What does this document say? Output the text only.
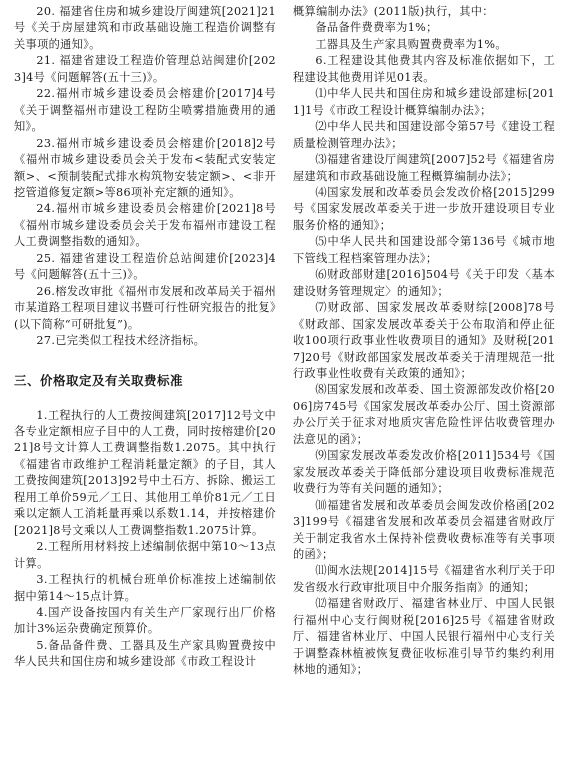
20. 福建省住房和城乡建设厅闽建筑[2021]21号《关于房屋建筑和市政基础设施工程造价调整有关事项的通知》。

21. 福建省建设工程造价管理总站闽建价[2023]4号《问题解答(五十三)》。

22.福州市城乡建设委员会榕建价[2017]4号《关于调整福州市建设工程防尘喷雾措施费用的通知》。

23.福州市城乡建设委员会榕建价[2018]2号《福州市城乡建设委员会关于发布<装配式安装定额>、<预制装配式排水构筑物安装定额>、<非开挖管道修复定额>等86项补充定额的通知》。

24.福州市城乡建设委员会榕建价[2021]8号《福州市城乡建设委员会关于发布福州市建设工程人工费调整指数的通知》。

25. 福建省建设工程造价总站闽建价[2023]4号《问题解答(五十三)》。

26.榕发改审批《福州市发展和改革局关于福州市某道路工程项目建议书暨可行性研究报告的批复》(以下简称“可研批复”)。

27.已完类似工程技术经济指标。

三、价格取定及有关取费标准

1.工程执行的人工费按闽建筑[2017]12号文中各专业定额相应子目中的人工费，同时按榕建价[2021]8号文计算人工费调整指数1.2075。其中执行《福建省市政维护工程消耗量定额》的子目，其人工费按闽建筑[2013]92号中土石方、拆除、搬运工程用工单价59元／工日、其他用工单价81元／工日乘以定额人工消耗量再乘以系数1.14，并按榕建价[2021]8号文乘以人工费调整指数1.2075计算。

2.工程所用材料按上述编制依据中第10～13点计算。

3.工程执行的机械台班单价标准按上述编制依据中第14～15点计算。

4.国产设备按国内有关生产厂家现行出厂价格加计3%运杂费确定预算价。

5.备品备件费、工器具及生产家具购置费按中华人民共和国住房和城乡建设部《市政工程设计

概算编制办法》(2011版)执行，其中：

备品备件费费率为1%；

工器具及生产家具购置费费率为1%。

6.工程建设其他费其内容及标准依据如下，工程建设其他费用详见01表。

⑴中华人民共和国住房和城乡建设部建标[2011]1号《市政工程设计概算编制办法》；

⑵中华人民共和国建设部令第57号《建设工程质量检测管理办法》；

⑶福建省建设厅闽建筑[2007]52号《福建省房屋建筑和市政基础设施工程概算编制办法》；

⑷国家发展和改革委员会发改价格[2015]299号《国家发展改革委关于进一步放开建设项目专业服务价格的通知》；

⑸中华人民共和国建设部令第136号《城市地下管线工程档案管理办法》；

⑹财政部财建[2016]504号《关于印发〈基本建设财务管理规定〉的通知》；

⑺财政部、国家发展改革委财综[2008]78号《财政部、国家发展改革委关于公布取消和停止征收100项行政事业性收费项目的通知》及财税[2017]20号《财政部国家发展改革委关于清理规范一批行政事业性收费有关政策的通知》；

⑻国家发展和改革委、国土资源部发改价格[2006]房745号《国家发展改革委办公厅、国土资源部办公厅关于征求对地质灾害危险性评估收费管理办法意见的函》；

⑼国家发展改革委发改价格[2011]534号《国家发展改革委关于降低部分建设项目收费标准规范收费行为等有关问题的通知》；

⑽福建省发展和改革委员会闽发改价格函[2023]199号《福建省发展和改革委员会福建省财政厅关于制定我省水土保持补偿费收费标准等有关事项的函》；

⑾闽水法规[2014]15号《福建省水利厅关于印发省级水行政审批项目中介服务指南》的通知；

⑿福建省财政厅、福建省林业厅、中国人民银行福州中心支行闽财税[2016]25号《福建省财政厅、福建省林业厅、中国人民银行福州中心支行关于调整森林植被恢复费征收标准引导节约集约利用林地的通知》；
